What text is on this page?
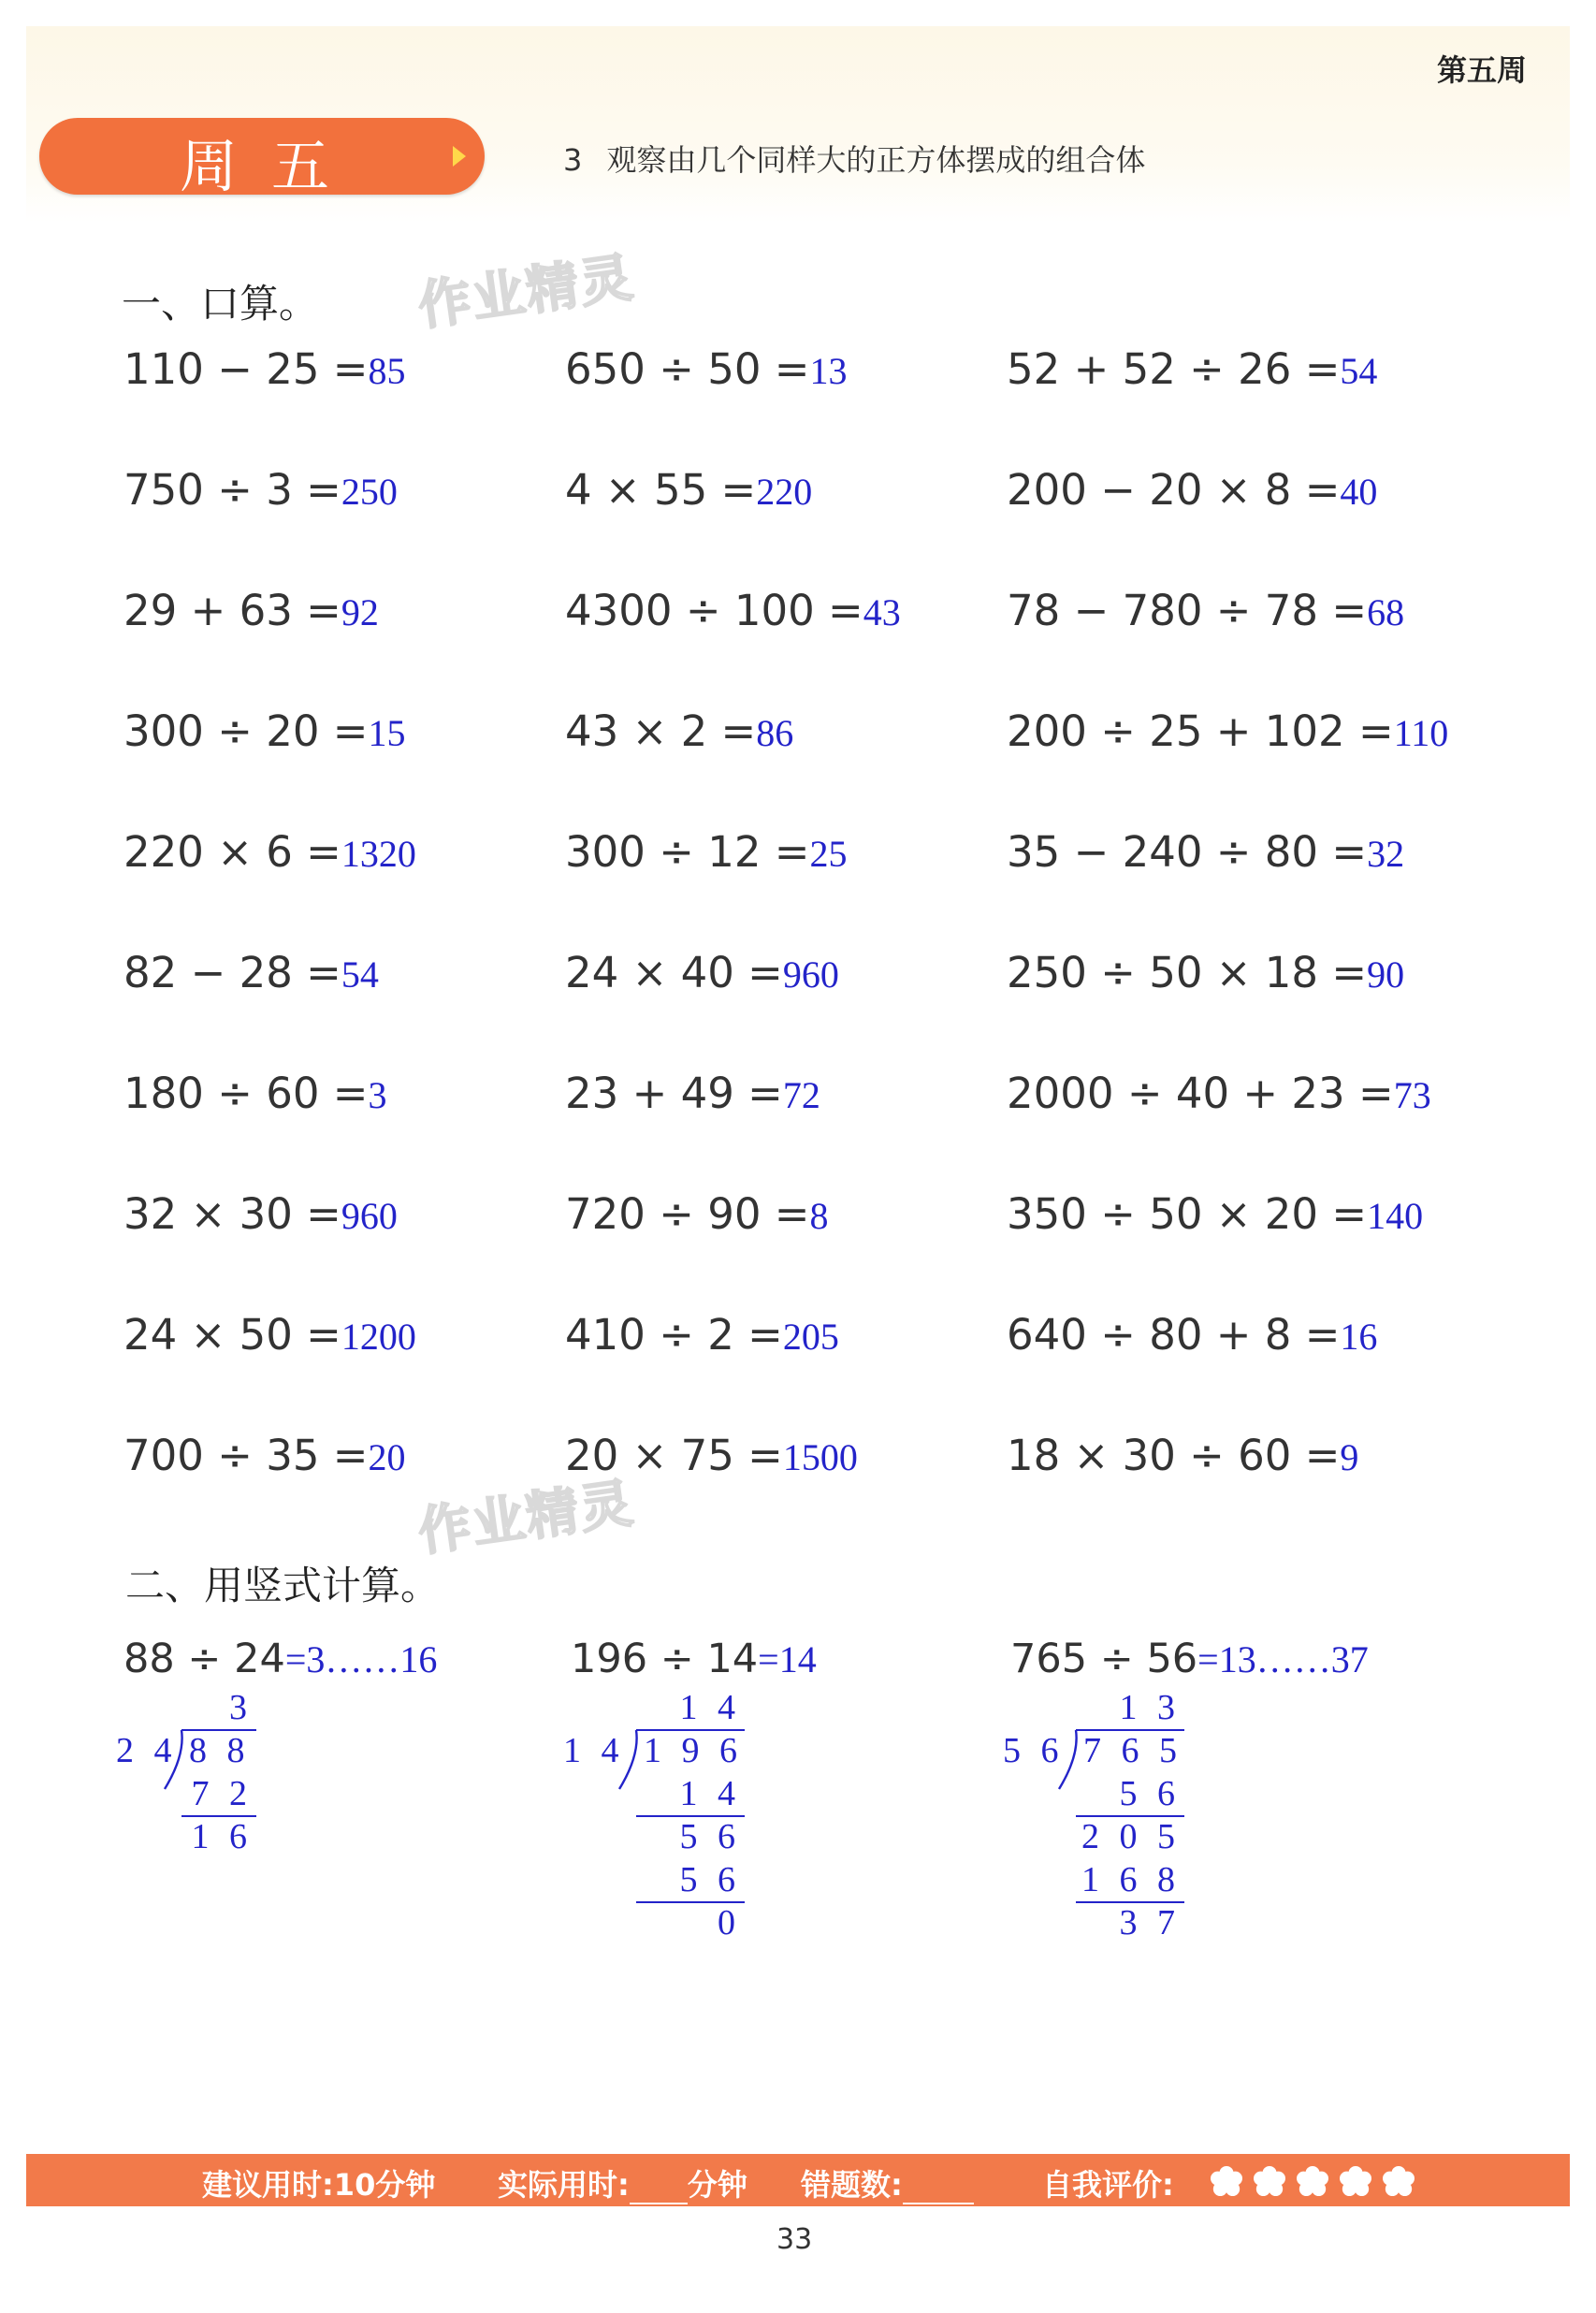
第五周
周五	3 观察由几个同样大的正方体摆成的组合体
一、口算。 作业精灵
110 − 25 =85	650 ÷ 50 =13	52 + 52 ÷ 26 =54
750 ÷ 3 =250	4 × 55 =220	200 − 20 × 8 =40
29 + 63 =92	4300 ÷ 100 =43	78 − 780 ÷ 78 =68
300 ÷ 20 =15	43 × 2 =86	200 ÷ 25 + 102 =110
220 × 6 =1320	300 ÷ 12 =25	35 − 240 ÷ 80 =32
82 − 28 =54	24 × 40 =960	250 ÷ 50 × 18 =90
180 ÷ 60 =3	23 + 49 =72	2000 ÷ 40 + 23 =73
32 × 30 =960	720 ÷ 90 =8	350 ÷ 50 × 20 =140
24 × 50 =1200	410 ÷ 2 =205	640 ÷ 80 + 8 =16
700 ÷ 35 =20	20 × 75 =1500	18 × 30 ÷ 60 =9
作业精灵
二、用竖式计算。
88 ÷ 24=3……16
3
2 4 8 8
7 2
1 6
196 ÷ 14=14
1 4
1 4 1 9 6
1 4
5 6
5 6
0
765 ÷ 56=13……37
1 3
5 6 7 6 5
5 6
2 0 5
1 6 8
3 7
建议用时:10分钟 实际用时: 分钟 错题数:	自我评价:
33
